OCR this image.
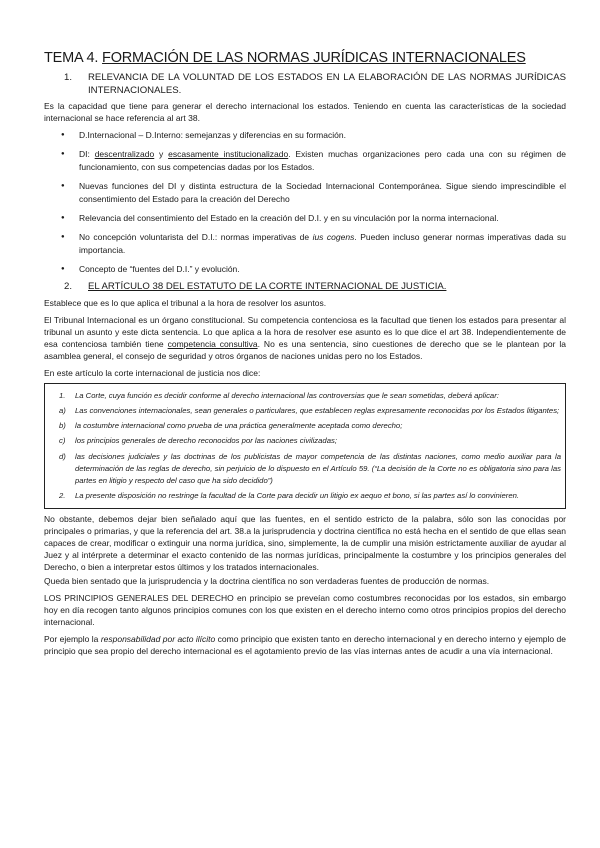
TEMA 4. FORMACIÓN DE LAS NORMAS JURÍDICAS INTERNACIONALES
1.	RELEVANCIA DE LA VOLUNTAD DE LOS ESTADOS EN LA ELABORACIÓN DE LAS NORMAS JURÍDICAS INTERNACIONALES.

Es la capacidad que tiene para generar el derecho internacional los estados. Teniendo en cuenta las características de la sociedad internacional se hace referencia al art 38.

● D.Internacional – D.Interno: semejanzas y diferencias en su formación.
● DI: descentralizado y escasamente institucionalizado. Existen muchas organizaciones pero cada una con su régimen de funcionamiento, con sus competencias dadas por los Estados.
● Nuevas funciones del DI y distinta estructura de la Sociedad Internacional Contemporánea. Sigue siendo imprescindible el consentimiento del Estado para la creación del Derecho
● Relevancia del consentimiento del Estado en la creación del D.I. y en su vinculación por la norma internacional.
● No concepción voluntarista del D.I.: normas imperativas de ius cogens. Pueden incluso generar normas imperativas dada su importancia.
● Concepto de “fuentes del D.I.” y evolución.
2.	EL ARTÍCULO 38 DEL ESTATUTO DE LA CORTE INTERNACIONAL DE JUSTICIA.

Establece que es lo que aplica el tribunal a la hora de resolver los asuntos.

El Tribunal Internacional es un órgano constitucional. Su competencia contenciosa es la facultad que tienen los estados para presentar al tribunal un asunto y este dicta sentencia. Lo que aplica a la hora de resolver ese asunto es lo que dice el art 38. Independientemente de esa contenciosa también tiene competencia consultiva. No es una sentencia, sino cuestiones de derecho que se le plantean por la asamblea general, el consejo de seguridad y otros órganos de naciones unidas pero no los Estados.

En este artículo la corte internacional de justicia nos dice:

1.	La Corte, cuya función es decidir conforme al derecho internacional las controversias que le sean sometidas, deberá aplicar:
a)	Las convenciones internacionales, sean generales o particulares, que establecen reglas expresamente reconocidas por los Estados litigantes;
b)	la costumbre internacional como prueba de una práctica generalmente aceptada como derecho;
c)	los principios generales de derecho reconocidos por las naciones civilizadas;
d)	las decisiones judiciales y las doctrinas de los publicistas de mayor competencia de las distintas naciones, como medio auxiliar para la determinación de las reglas de derecho, sin perjuicio de lo dispuesto en el Artículo 59. (“La decisión de la Corte no es obligatoria sino para las partes en litigio y respecto del caso que ha sido decidido”)
2.	La presente disposición no restringe la facultad de la Corte para decidir un litigio ex aequo et bono, si las partes así lo convinieren.

No obstante, debemos dejar bien señalado aquí que las fuentes, en el sentido estricto de la palabra, sólo son las conocidas por principales o primarias, y que la referencia del art. 38.a la jurisprudencia y doctrina científica no está hecha en el sentido de que ellas sean capaces de crear, modificar o extinguir una norma jurídica, sino, simplemente, la de cumplir una misión estrictamente auxiliar de ayudar al Juez y al intérprete a determinar el exacto contenido de las normas jurídicas, principalmente la costumbre y los principios generales del Derecho, o bien a interpretar estos últimos y los tratados internacionales.

Queda bien sentado que la jurisprudencia y la doctrina científica no son verdaderas fuentes de producción de normas.

LOS PRINCIPIOS GENERALES DEL DERECHO en principio se preveían como costumbres reconocidas por los estados, sin embargo hoy en día recogen tanto algunos principios comunes con los que existen en el derecho interno como otros principios propios del derecho internacional.

Por ejemplo la responsabilidad por acto ilícito como principio que existen tanto en derecho internacional y en derecho interno y ejemplo de principio que sea propio del derecho internacional es el agotamiento previo de las vías internas antes de acudir a una vía internacional.
